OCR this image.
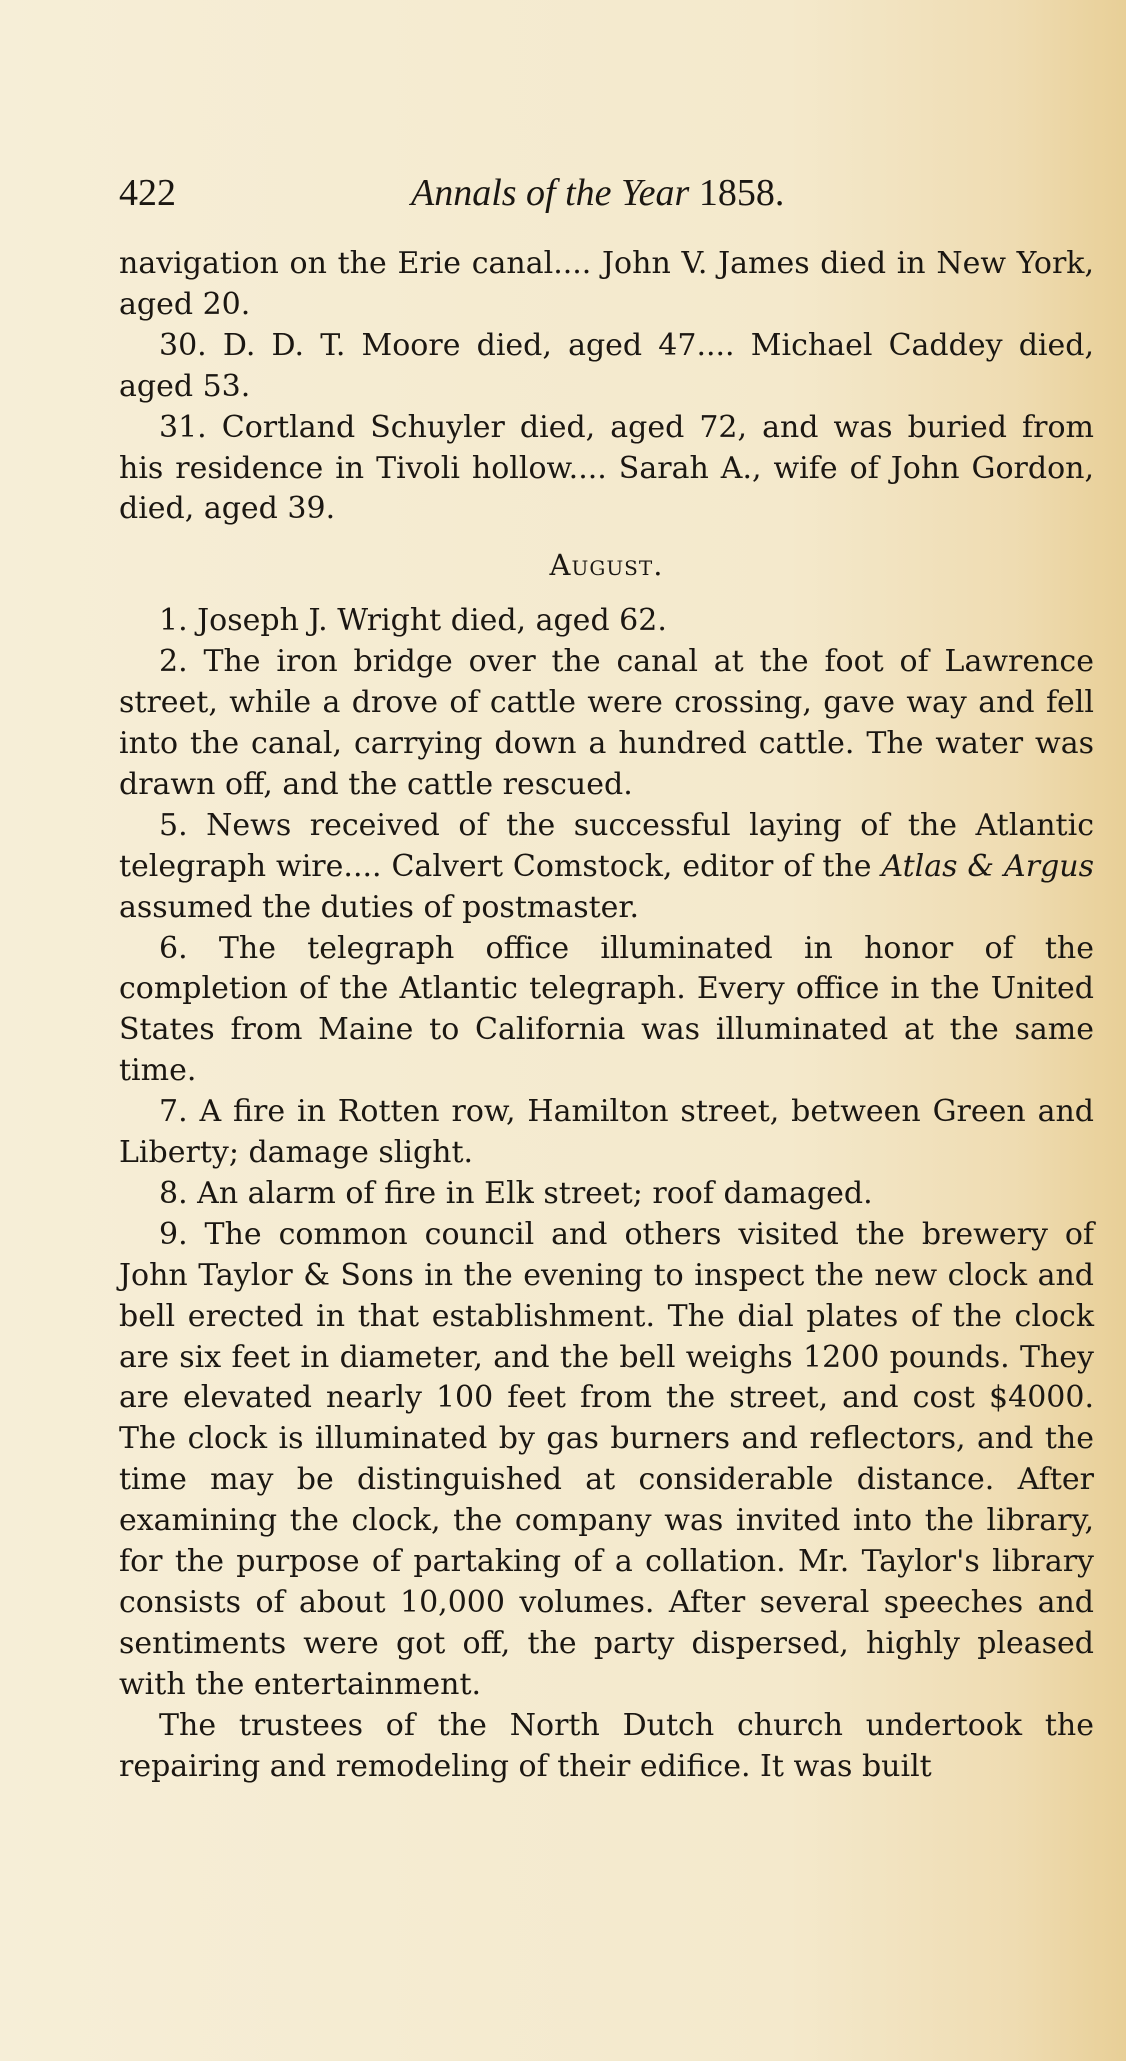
422	Annals of the Year 1858.

navigation on the Erie canal.... John V. James died in New York, aged 20.

30. D. D. T. Moore died, aged 47.... Michael Caddey died, aged 53.

31. Cortland Schuyler died, aged 72, and was buried from his residence in Tivoli hollow.... Sarah A., wife of John Gordon, died, aged 39.

August.

1. Joseph J. Wright died, aged 62.

2. The iron bridge over the canal at the foot of Lawrence street, while a drove of cattle were crossing, gave way and fell into the canal, carrying down a hundred cattle. The water was drawn off, and the cattle rescued.

5. News received of the successful laying of the Atlantic telegraph wire.... Calvert Comstock, editor of the Atlas & Argus assumed the duties of postmaster.

6. The telegraph office illuminated in honor of the completion of the Atlantic telegraph. Every office in the United States from Maine to California was illuminated at the same time.

7. A fire in Rotten row, Hamilton street, between Green and Liberty; damage slight.

8. An alarm of fire in Elk street; roof damaged.

9. The common council and others visited the brewery of John Taylor & Sons in the evening to inspect the new clock and bell erected in that establishment. The dial plates of the clock are six feet in diameter, and the bell weighs 1200 pounds. They are elevated nearly 100 feet from the street, and cost $4000. The clock is illuminated by gas burners and reflectors, and the time may be distinguished at considerable distance. After examining the clock, the company was invited into the library, for the purpose of partaking of a collation. Mr. Taylor's library consists of about 10,000 volumes. After several speeches and sentiments were got off, the party dispersed, highly pleased with the entertainment.

The trustees of the North Dutch church undertook the repairing and remodeling of their edifice. It was built
